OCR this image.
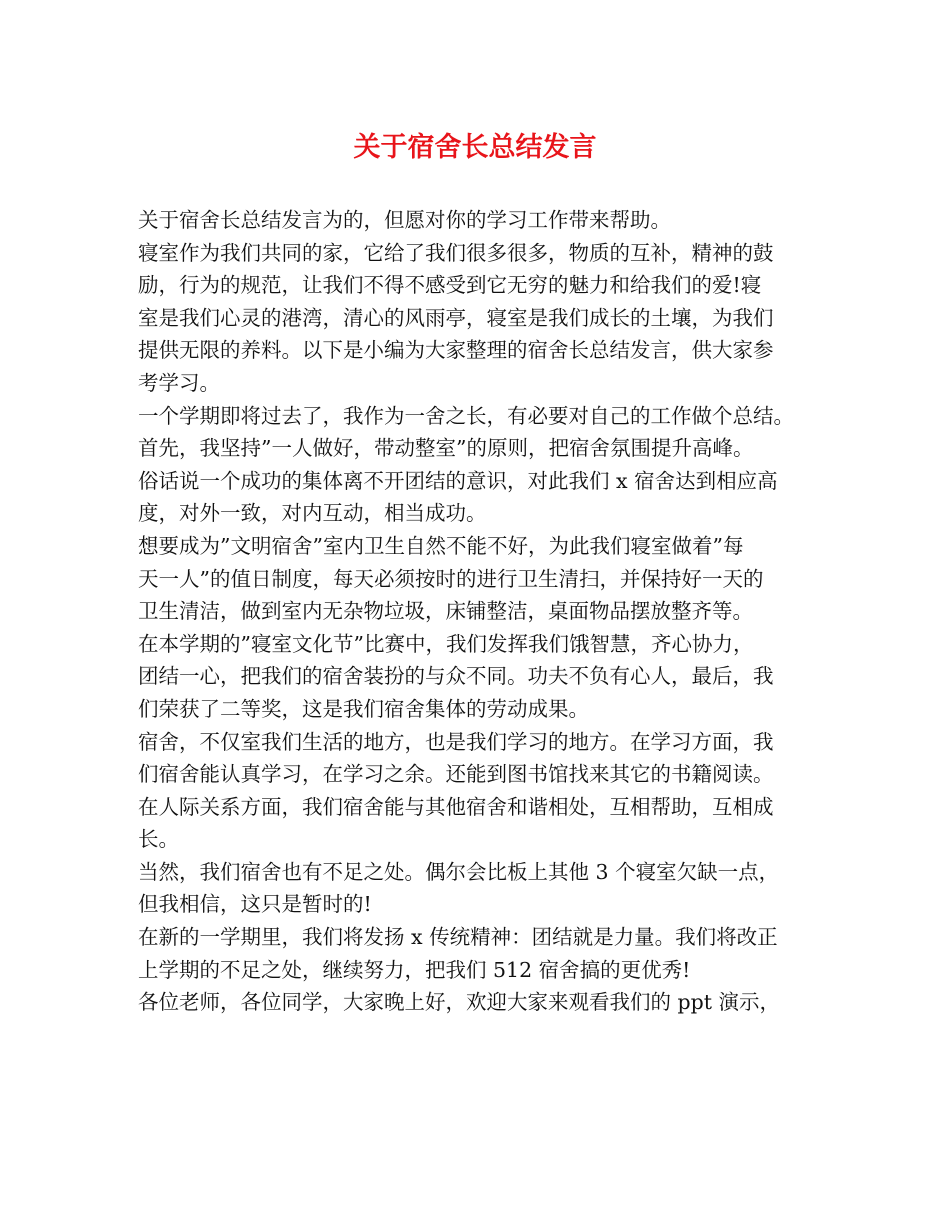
关于宿舍长总结发言
关于宿舍长总结发言为的，但愿对你的学习工作带来帮助。
寝室作为我们共同的家，它给了我们很多很多，物质的互补，精神的鼓
励，行为的规范，让我们不得不感受到它无穷的魅力和给我们的爱!寝
室是我们心灵的港湾，清心的风雨亭，寝室是我们成长的土壤，为我们
提供无限的养料。以下是小编为大家整理的宿舍长总结发言，供大家参
考学习。
一个学期即将过去了，我作为一舍之长，有必要对自己的工作做个总结。
首先，我坚持”一人做好，带动整室”的原则，把宿舍氛围提升高峰。
俗话说一个成功的集体离不开团结的意识，对此我们 x 宿舍达到相应高
度，对外一致，对内互动，相当成功。
想要成为”文明宿舍”室内卫生自然不能不好，为此我们寝室做着”每
天一人”的值日制度，每天必须按时的进行卫生清扫，并保持好一天的
卫生清洁，做到室内无杂物垃圾，床铺整洁，桌面物品摆放整齐等。
在本学期的”寝室文化节”比赛中，我们发挥我们饿智慧，齐心协力，
团结一心，把我们的宿舍装扮的与众不同。功夫不负有心人，最后，我
们荣获了二等奖，这是我们宿舍集体的劳动成果。
宿舍，不仅室我们生活的地方，也是我们学习的地方。在学习方面，我
们宿舍能认真学习，在学习之余。还能到图书馆找来其它的书籍阅读。
在人际关系方面，我们宿舍能与其他宿舍和谐相处，互相帮助，互相成
长。
当然，我们宿舍也有不足之处。偶尔会比板上其他 3 个寝室欠缺一点，
但我相信，这只是暂时的!
在新的一学期里，我们将发扬 x 传统精神：团结就是力量。我们将改正
上学期的不足之处，继续努力，把我们 512 宿舍搞的更优秀!
各位老师，各位同学，大家晚上好，欢迎大家来观看我们的 ppt 演示，
